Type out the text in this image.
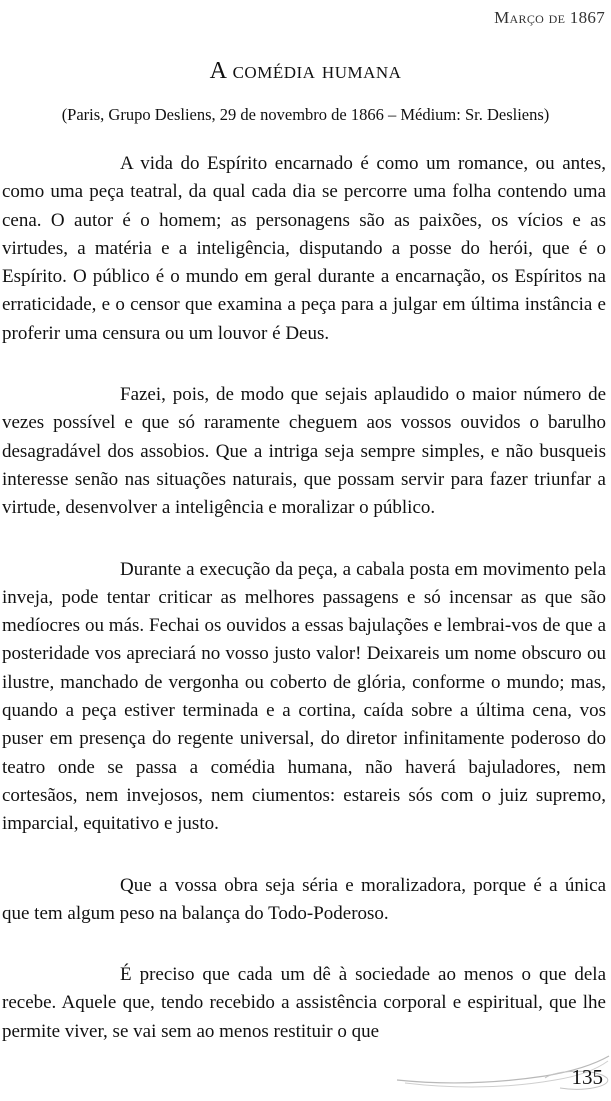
Março de 1867
A comédia humana
(Paris, Grupo Desliens, 29 de novembro de 1866 – Médium: Sr. Desliens)

A vida do Espírito encarnado é como um romance, ou antes, como uma peça teatral, da qual cada dia se percorre uma folha contendo uma cena. O autor é o homem; as personagens são as paixões, os vícios e as virtudes, a matéria e a inteligência, disputando a posse do herói, que é o Espírito. O público é o mundo em geral durante a encarnação, os Espíritos na erraticidade, e o censor que examina a peça para a julgar em última instância e proferir uma censura ou um louvor é Deus.

Fazei, pois, de modo que sejais aplaudido o maior número de vezes possível e que só raramente cheguem aos vossos ouvidos o barulho desagradável dos assobios. Que a intriga seja sempre simples, e não busqueis interesse senão nas situações naturais, que possam servir para fazer triunfar a virtude, desenvolver a inteligência e moralizar o público.

Durante a execução da peça, a cabala posta em movimento pela inveja, pode tentar criticar as melhores passagens e só incensar as que são medíocres ou más. Fechai os ouvidos a essas bajulações e lembrai-vos de que a posteridade vos apreciará no vosso justo valor! Deixareis um nome obscuro ou ilustre, manchado de vergonha ou coberto de glória, conforme o mundo; mas, quando a peça estiver terminada e a cortina, caída sobre a última cena, vos puser em presença do regente universal, do diretor infinitamente poderoso do teatro onde se passa a comédia humana, não haverá bajuladores, nem cortesãos, nem invejosos, nem ciumentos: estareis sós com o juiz supremo, imparcial, equitativo e justo.

Que a vossa obra seja séria e moralizadora, porque é a única que tem algum peso na balança do Todo-Poderoso.

É preciso que cada um dê à sociedade ao menos o que dela recebe. Aquele que, tendo recebido a assistência corporal e espiritual, que lhe permite viver, se vai sem ao menos restituir o que

135
